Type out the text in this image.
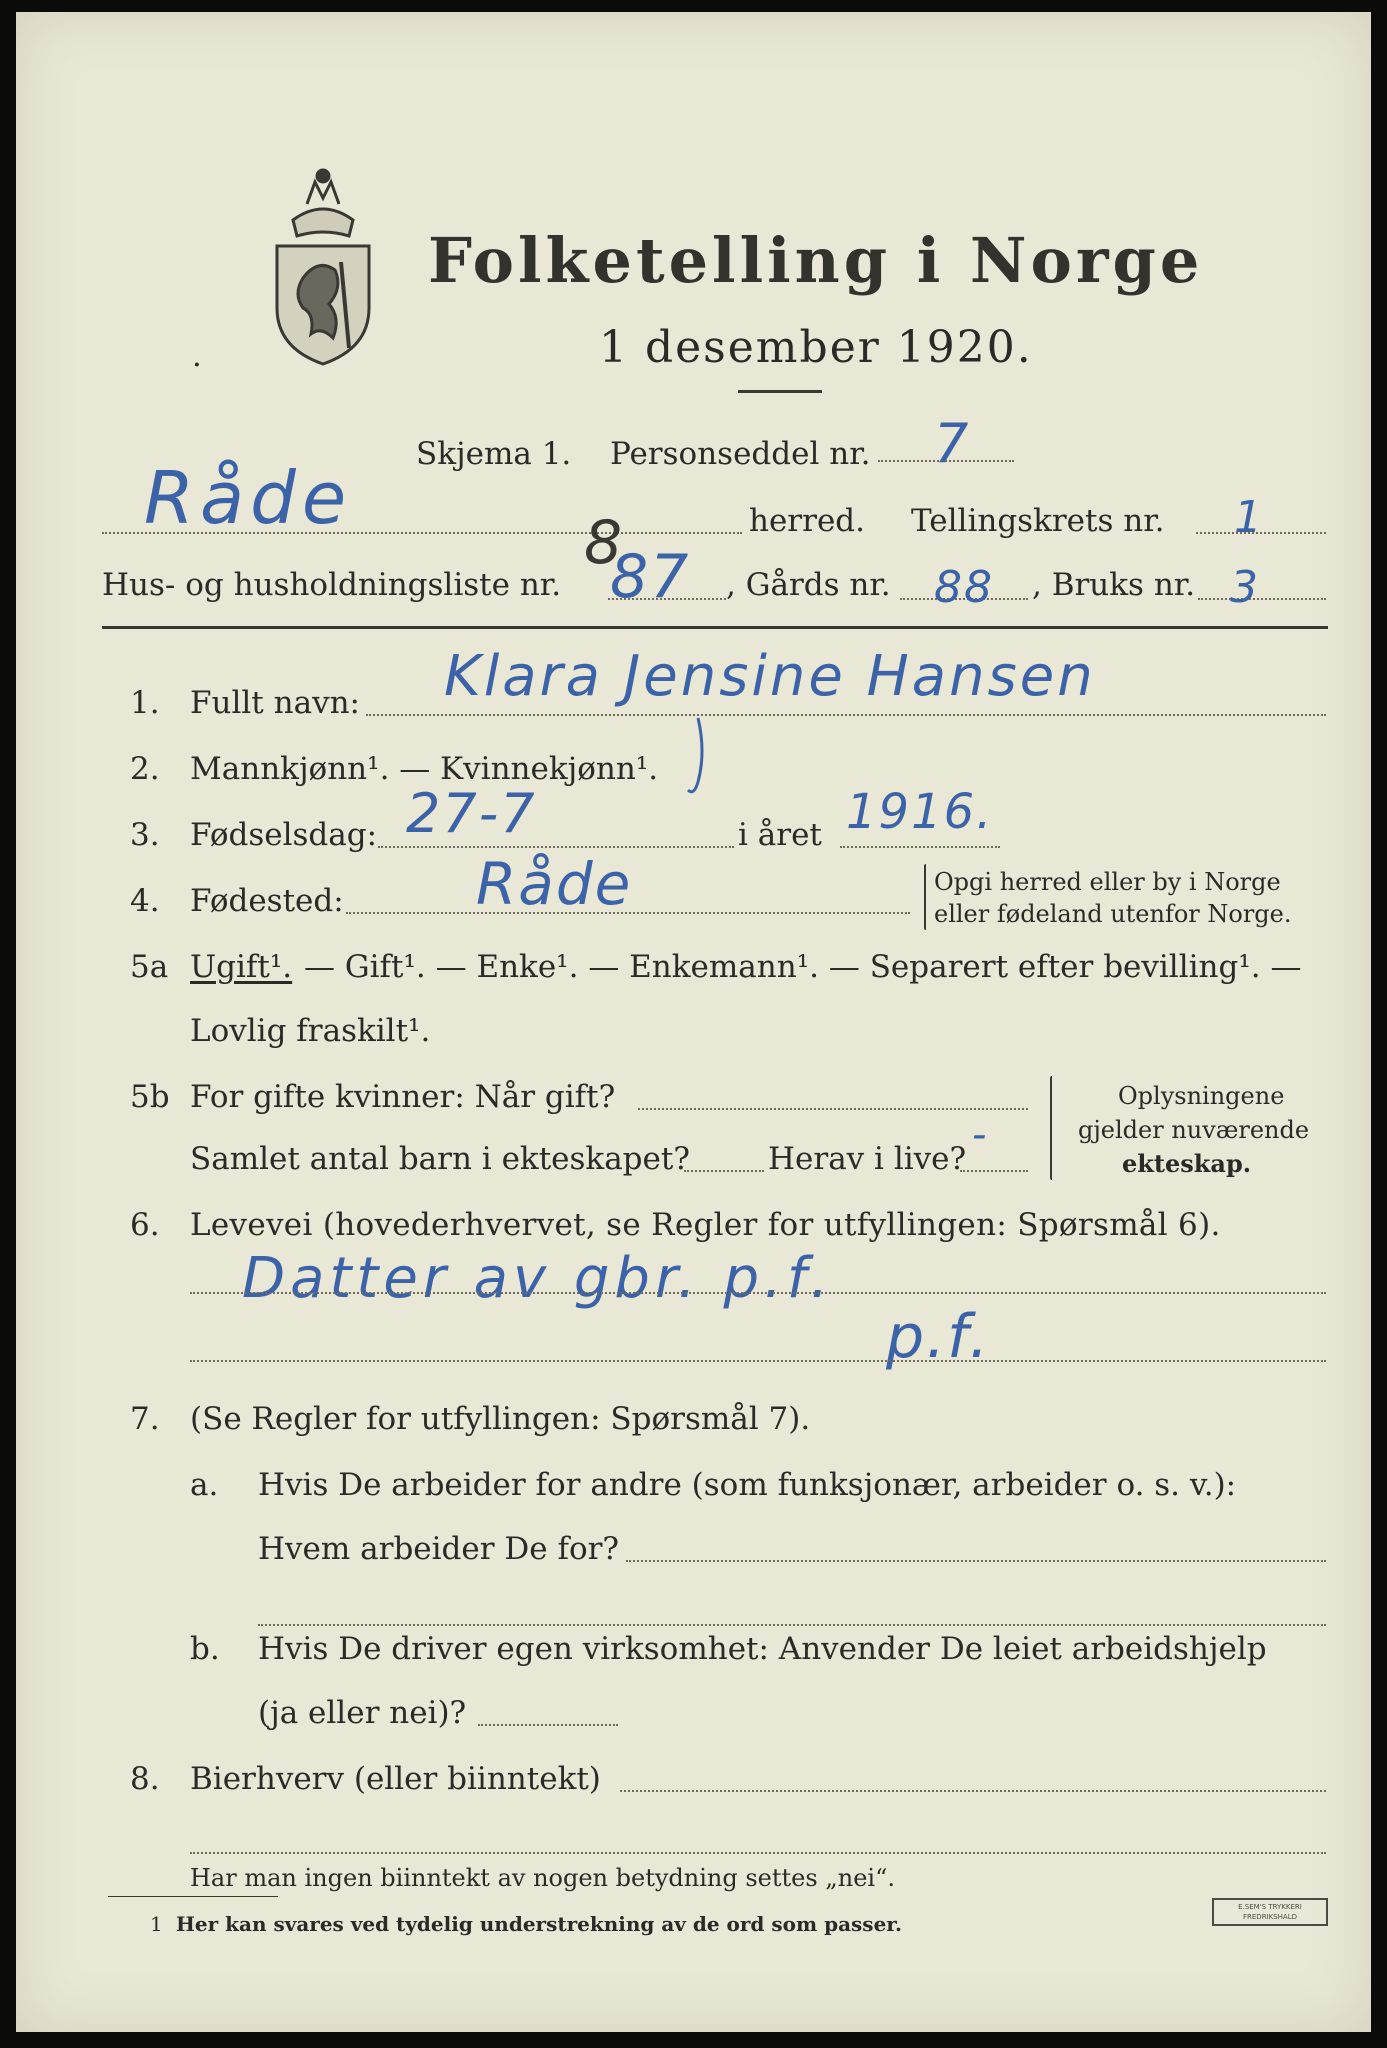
Folketelling i Norge
1 desember 1920.
·
Skjema 1. Personseddel nr. 7
Råde
8	herred. Tellingskrets nr. 1
Hus- og husholdningsliste nr. 87 , Gårds nr. 88 , Bruks nr. 3
1. Fullt navn: Klara Jensine Hansen
2. Mannkjønn¹. — Kvinnekjønn¹.
3. Fødselsdag: 27-7	i året 1916.
4. Fødested: Råde	Opgi herred eller by i Norge
eller fødeland utenfor Norge.
5a Ugift¹. — Gift¹. — Enke¹. — Enkemann¹. — Separert efter bevilling¹. —
Lovlig fraskilt¹.
5b For gifte kvinner: Når gift?
Samlet antal barn i ekteskapet?	Herav i live?
-
Oplysningene
gjelder nuværende
ekteskap.
6. Levevei (hovederhvervet, se Regler for utfyllingen: Spørsmål 6).
Datter av gbr. p.f.
p.f.
7. (Se Regler for utfyllingen: Spørsmål 7).
a. Hvis De arbeider for andre (som funksjonær, arbeider o. s. v.):
Hvem arbeider De for?
b. Hvis De driver egen virksomhet: Anvender De leiet arbeidshjelp
(ja eller nei)?
8. Bierhverv (eller biinntekt)
Har man ingen biinntekt av nogen betydning settes „nei“.
1 Her kan svares ved tydelig understrekning av de ord som passer.
E.SEM'S TRYKKERI
FREDRIKSHALD
